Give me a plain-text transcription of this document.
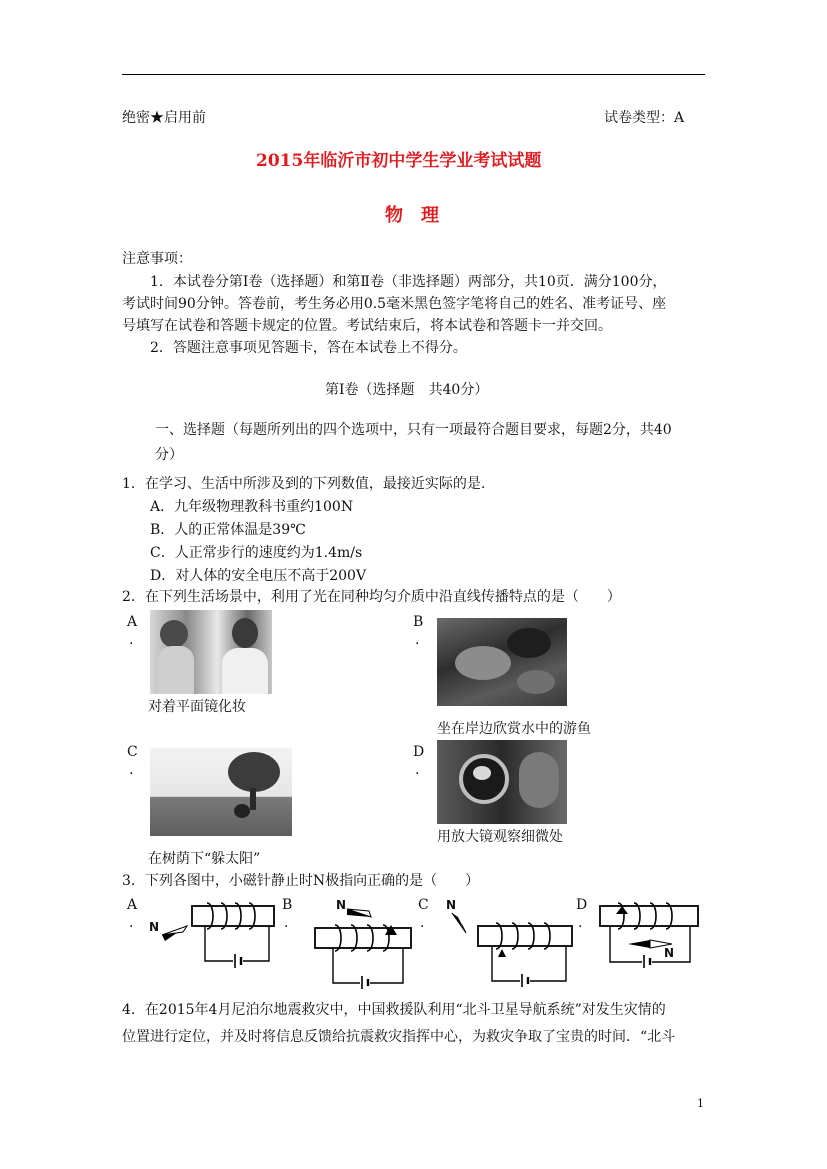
绝密★启用前	试卷类型：A
2015年临沂市初中学生学业考试试题
物　理
注意事项：
1．本试卷分第Ⅰ卷（选择题）和第Ⅱ卷（非选择题）两部分，共10页．满分100分，
考试时间90分钟。答卷前，考生务必用0.5毫米黑色签字笔将自己的姓名、准考证号、座
号填写在试卷和答题卡规定的位置。考试结束后，将本试卷和答题卡一并交回。
2．答题注意事项见答题卡，答在本试卷上不得分。
第Ⅰ卷（选择题　共40分）
一、选择题（每题所列出的四个选项中，只有一项最符合题目要求，每题2分，共40
分）
1．在学习、生活中所涉及到的下列数值，最接近实际的是.
A．九年级物理教科书重约100N
B．人的正常体温是39℃
C．人正常步行的速度约为1.4m/s
D．对人体的安全电压不高于200V
2．在下列生活场景中，利用了光在同种均匀介质中沿直线传播特点的是（　　）
A
.
对着平面镜化妆
B
.
坐在岸边欣赏水中的游鱼
C
.
在树荫下“躲太阳”
D
.
用放大镜观察细微处
3．下列各图中，小磁针静止时N极指向正确的是（　　）
A
.
B
.
C
.
D
.
N
N	N
N
4．在2015年4月尼泊尔地震救灾中，中国救援队利用“北斗卫星导航系统”对发生灾情的
位置进行定位，并及时将信息反馈给抗震救灾指挥中心，为救灾争取了宝贵的时间．“北斗
1
